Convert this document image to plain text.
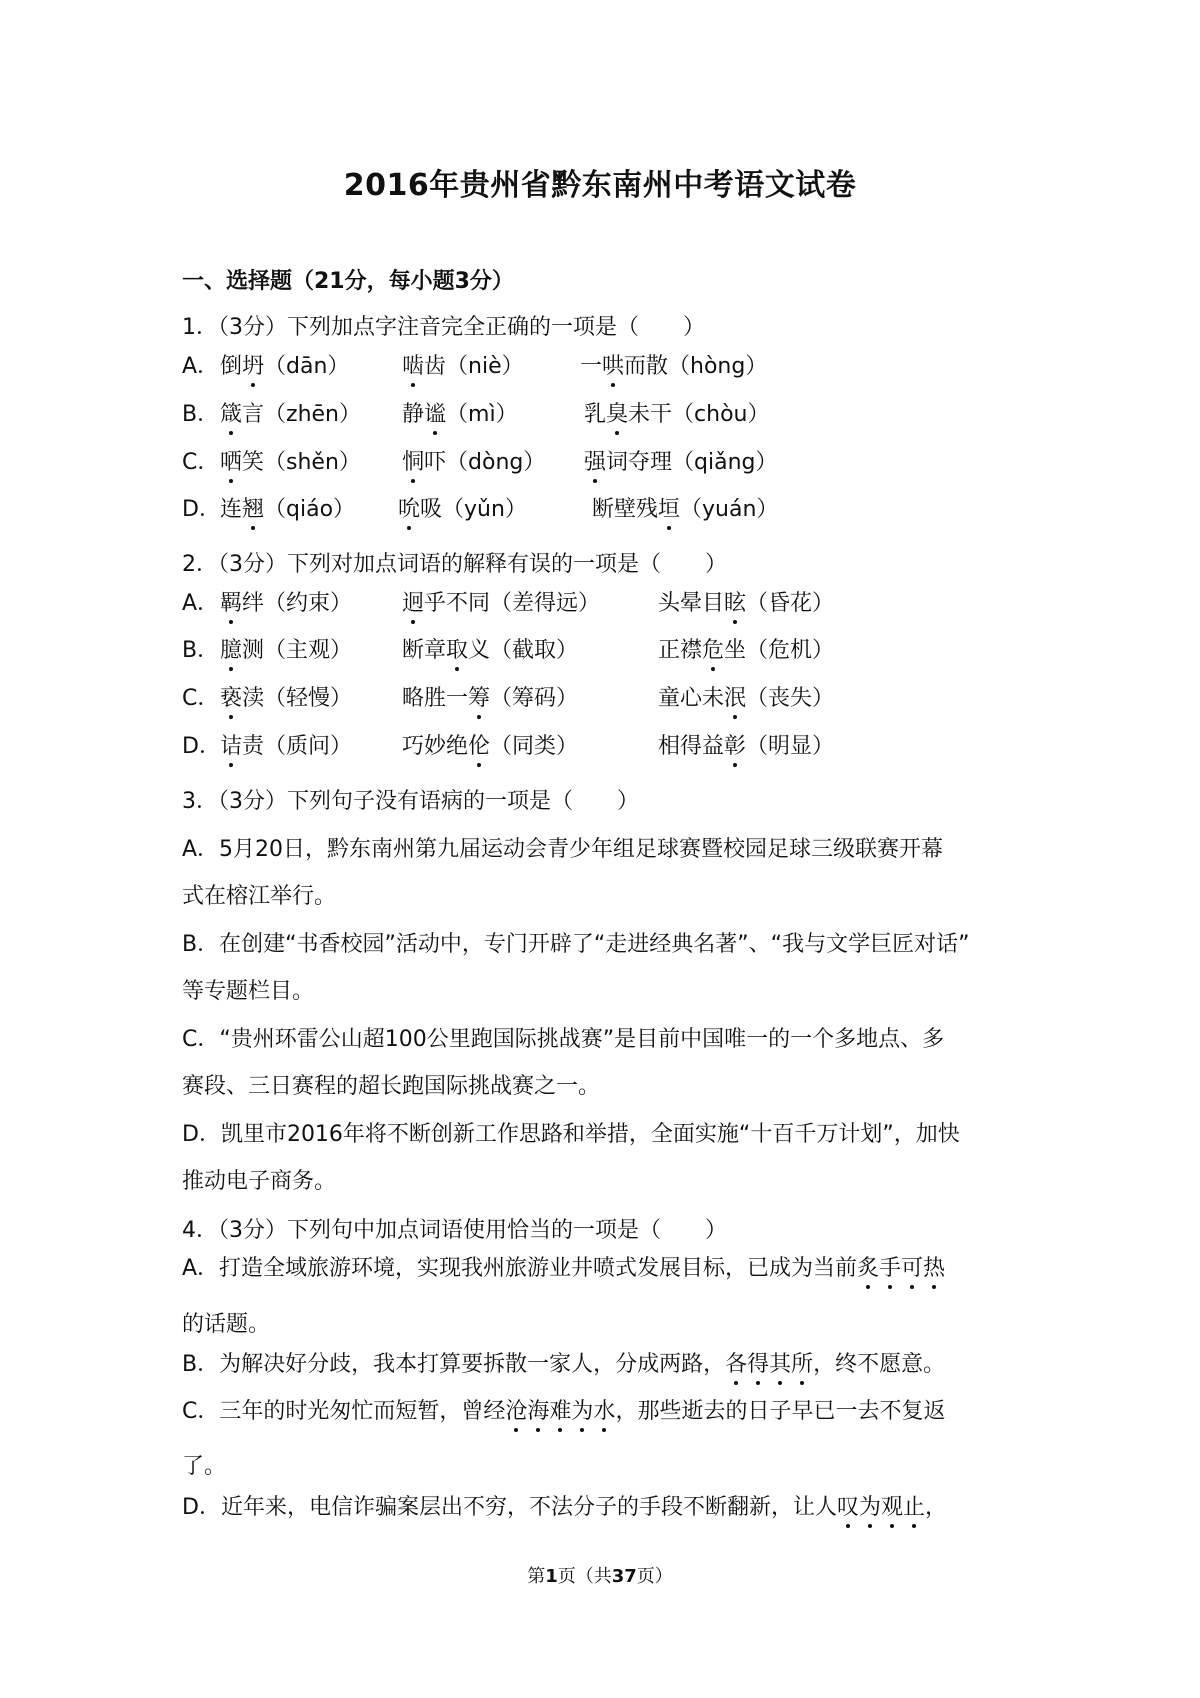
2016年贵州省黔东南州中考语文试卷
一、选择题（21分，每小题3分）
1．（3分）下列加点字注音完全正确的一项是（　　）
A． 倒坍（dān） 啮齿（niè）	一哄而散（hòng）
B． 箴言（zhēn） 静谧（mì）	乳臭未干（chòu）
C． 哂笑（shěn） 恫吓（dòng） 强词夺理（qiǎng）
D． 连翘（qiáo） 吮吸（yǔn）	断壁残垣（yuán）
2．（3分）下列对加点词语的解释有误的一项是（　　）
A． 羁绊（约束） 迥乎不同（差得远）	头晕目眩（昏花）
B． 臆测（主观） 断章取义（截取）	正襟危坐（危机）
C． 亵渎（轻慢） 略胜一筹（筹码）	童心未泯（丧失）
D． 诘责（质问） 巧妙绝伦（同类）	相得益彰（明显）
3．（3分）下列句子没有语病的一项是（　　）
A．5月20日，黔东南州第九届运动会青少年组足球赛暨校园足球三级联赛开幕
式在榕江举行。
B．在创建“书香校园”活动中，专门开辟了“走进经典名著”、“我与文学巨匠对话”
等专题栏目。
C．“贵州环雷公山超100公里跑国际挑战赛”是目前中国唯一的一个多地点、多
赛段、三日赛程的超长跑国际挑战赛之一。
D．凯里市2016年将不断创新工作思路和举措，全面实施“十百千万计划”，加快
推动电子商务。
4．（3分）下列句中加点词语使用恰当的一项是（　　）
A．打造全域旅游环境，实现我州旅游业井喷式发展目标，已成为当前炙手可热
的话题。
B．为解决好分歧，我本打算要拆散一家人，分成两路，各得其所，终不愿意。
C．三年的时光匆忙而短暂，曾经沧海难为水，那些逝去的日子早已一去不复返
了。
D．近年来，电信诈骗案层出不穷，不法分子的手段不断翻新，让人叹为观止，
第1页（共37页）
